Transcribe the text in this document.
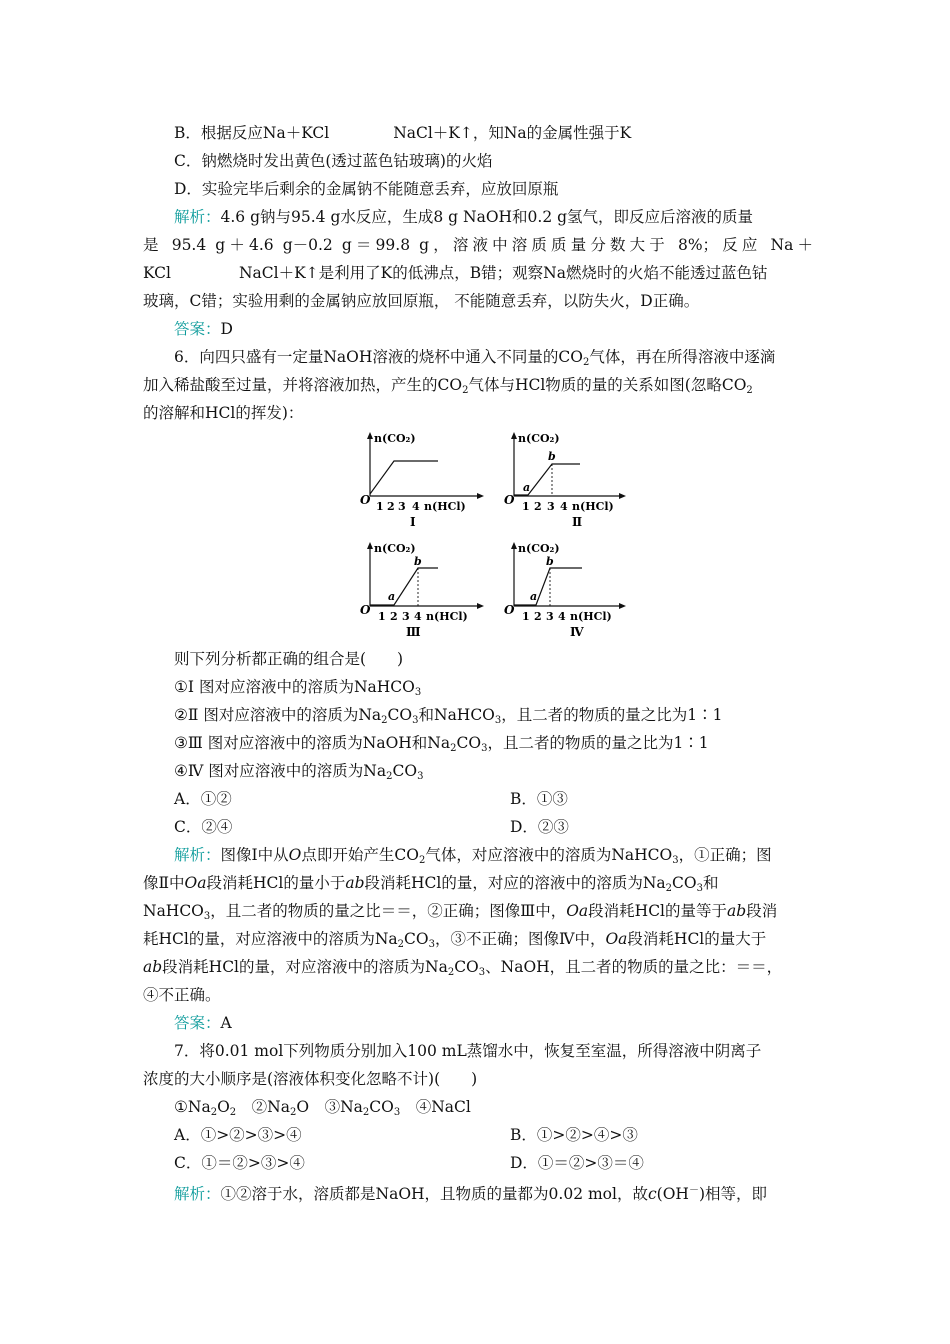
B．根据反应Na＋KCl	NaCl＋K↑，知Na的金属性强于K
C．钠燃烧时发出黄色(透过蓝色钴玻璃)的火焰
D．实验完毕后剩余的金属钠不能随意丢弃，应放回原瓶
解析：4.6 g钠与95.4 g水反应，生成8 g NaOH和0.2 g氢气，即反应后溶液的质量
是 95.4 g＋4.6 g－0.2 g＝99.8 g，溶液中溶质质量分数大于 8%；反应 Na＋
KCl	NaCl＋K↑是利用了K的低沸点，B错；观察Na燃烧时的火焰不能透过蓝色钴
玻璃，C错；实验用剩的金属钠应放回原瓶， 不能随意丢弃，以防失火，D正确。
答案：D
6．向四只盛有一定量NaOH溶液的烧杯中通入不同量的$CO_2$气体，再在所得溶液中逐滴
加入稀盐酸至过量，并将溶液加热，产生的$CO_2$气体与HCl物质的量的关系如图(忽略$CO_2$
的溶解和HCl的挥发)：
n(CO₂)
O 1 2 3 4 n(HCl)
Ⅰ
n(CO₂)
O
a
b
1 2 3 4 n(HCl)
Ⅱ
n(CO₂)
O
a
b
1 2 3 4 n(HCl)
Ⅲ
n(CO₂)
O
a
b
1 2 3 4 n(HCl)
Ⅳ
则下列分析都正确的组合是(　　)
①Ⅰ 图对应溶液中的溶质为NaHCO$_3$
②Ⅱ 图对应溶液中的溶质为$Na_2CO_3$和NaHCO$_3$，且二者的物质的量之比为1∶1
③Ⅲ 图对应溶液中的溶质为NaOH和$Na_2CO_3$，且二者的物质的量之比为1∶1
④Ⅳ 图对应溶液中的溶质为$Na_2CO_3$
A．①②	B．①③
C．②④	D．②③
解析：图像Ⅰ中从O点即开始产生$CO_2$气体，对应溶液中的溶质为NaHCO$_3$，①正确；图
像Ⅱ中Oa段消耗HCl的量小于ab段消耗HCl的量，对应的溶液中的溶质为$Na_2CO_3$和
NaHCO$_3$，且二者的物质的量之比＝＝，②正确；图像Ⅲ中，Oa段消耗HCl的量等于ab段消
耗HCl的量，对应溶液中的溶质为$Na_2CO_3$，③不正确；图像Ⅳ中，Oa段消耗HCl的量大于
ab段消耗HCl的量，对应溶液中的溶质为$Na_2CO_3$、NaOH，且二者的物质的量之比：＝＝，
④不正确。
答案：A
7．将0.01 mol下列物质分别加入100 mL蒸馏水中，恢复至室温，所得溶液中阴离子
浓度的大小顺序是(溶液体积变化忽略不计)(　　)
$①Na_2O_2$　$②Na_2O$　$③Na_2CO_3$　④NaCl
A．①>②>③>④	B．①>②>④>③
C．①＝②>③>④	D．①＝②>③＝④
解析：①②溶于水，溶质都是NaOH，且物质的量都为0.02 mol，故c(OH－)相等，即
